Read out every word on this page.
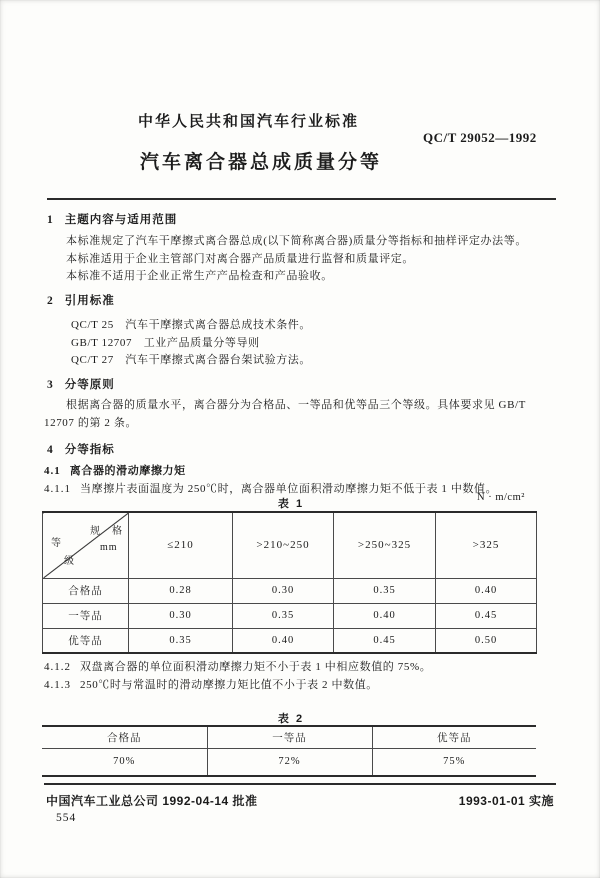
中华人民共和国汽车行业标准
QC/T 29052—1992
汽车离合器总成质量分等
1 主题内容与适用范围
本标准规定了汽车干摩擦式离合器总成(以下简称离合器)质量分等指标和抽样评定办法等。
本标准适用于企业主管部门对离合器产品质量进行监督和质量评定。
本标准不适用于企业正常生产产品检查和产品验收。
2 引用标准
QC/T 25　汽车干摩擦式离合器总成技术条件。
GB/T 12707　工业产品质量分等导则
QC/T 27　汽车干摩擦式离合器台架试验方法。
3 分等原则
根据离合器的质量水平，离合器分为合格品、一等品和优等品三个等级。具体要求见 GB/T 12707 的第 2 条。
4 分等指标
4.1 离合器的滑动摩擦力矩
4.1.1 当摩擦片表面温度为 250℃时，离合器单位面积滑动摩擦力矩不低于表 1 中数值。
表 1
N · m/cm²
规　格
mm
等
级	≤210	>210~250	>250~325	>325
合格品	0.28	0.30	0.35	0.40
一等品	0.30	0.35	0.40	0.45
优等品	0.35	0.40	0.45	0.50
4.1.2 双盘离合器的单位面积滑动摩擦力矩不小于表 1 中相应数值的 75%。
4.1.3 250℃时与常温时的滑动摩擦力矩比值不小于表 2 中数值。
表 2
合格品	一等品	优等品
70%	72%	75%
中国汽车工业总公司 1992-04-14 批准	1993-01-01 实施
554
